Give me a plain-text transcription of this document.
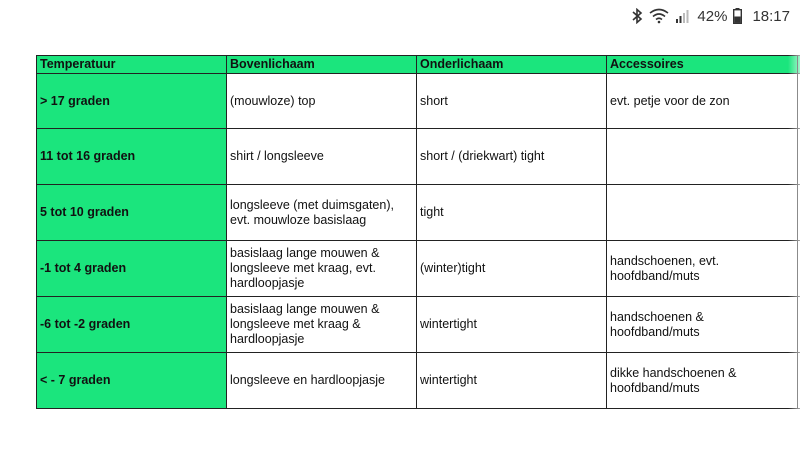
42% 18:17
Temperatuur	Bovenlichaam	Onderlichaam	Accessoires	
> 17 graden	(mouwloze) top	short	evt. petje voor de zon	
11 tot 16 graden	shirt / longsleeve	short / (driekwart) tight		
5 tot 10 graden	longsleeve (met duimsgaten),
evt. mouwloze basislaag	tight		
-1 tot 4 graden	basislaag lange mouwen &
longsleeve met kraag, evt.
hardloopjasje	(winter)tight	handschoenen, evt.
hoofdband/muts	
-6 tot -2 graden	basislaag lange mouwen &
longsleeve met kraag &
hardloopjasje	wintertight	handschoenen &
hoofdband/muts	
< - 7 graden	longsleeve en hardloopjasje	wintertight	dikke handschoenen &
hoofdband/muts	
